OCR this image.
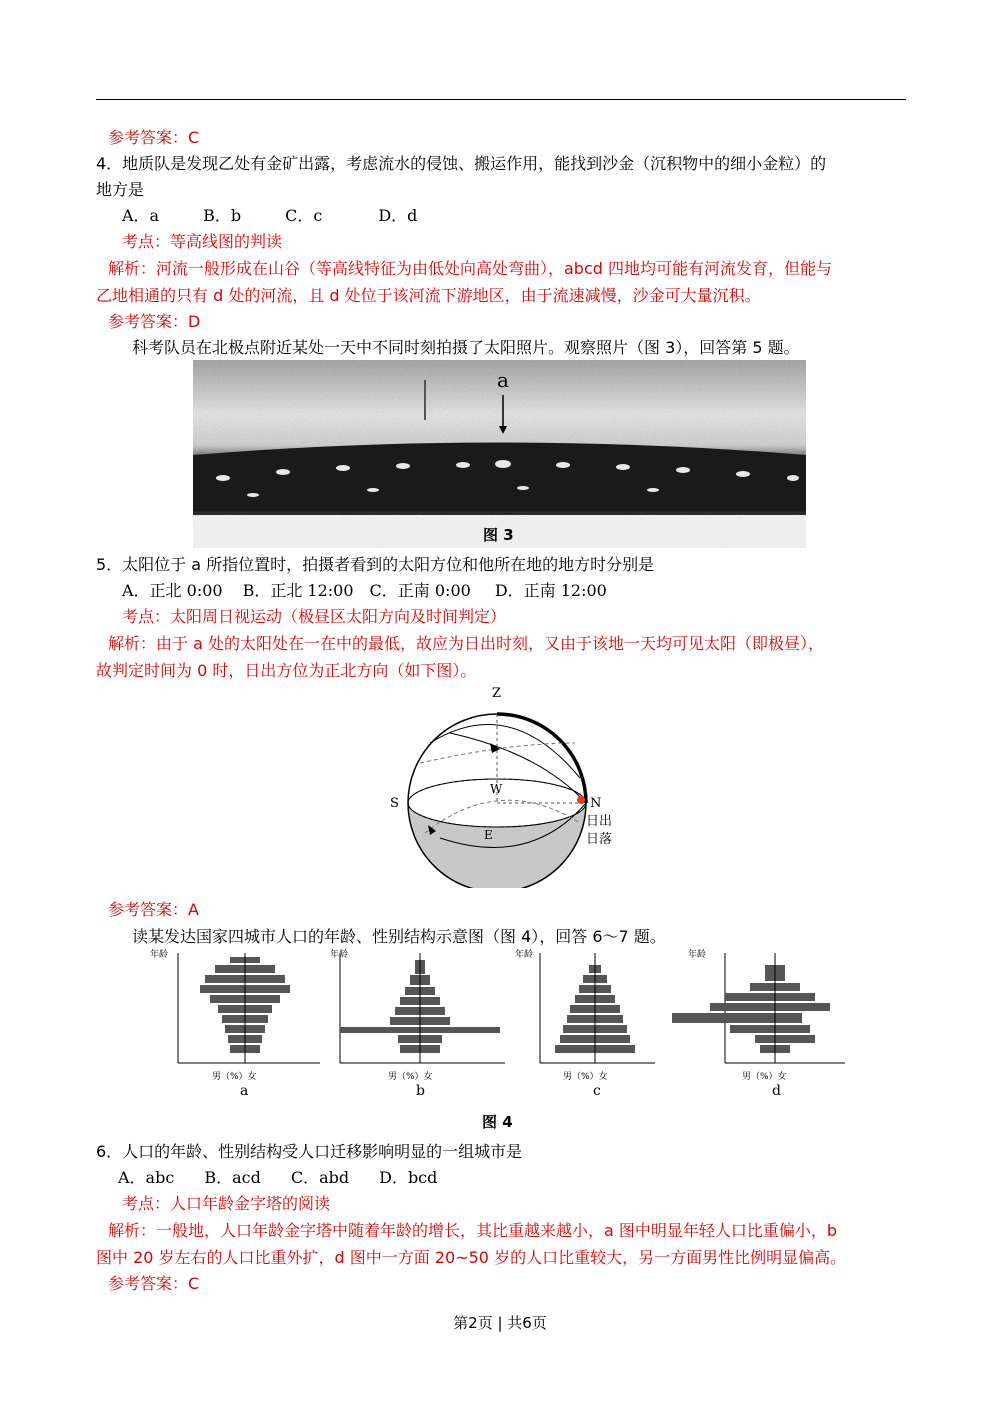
参考答案：C
4．地质队是发现乙处有金矿出露，考虑流水的侵蚀、搬运作用，能找到沙金（沉积物中的细小金粒）的
地方是
A．a	B．b	C．c	D．d
考点：等高线图的判读
解析：河流一般形成在山谷（等高线特征为由低处向高处弯曲），abcd 四地均可能有河流发育，但能与
乙地相通的只有 d 处的河流，且 d 处位于该河流下游地区，由于流速减慢，沙金可大量沉积。
参考答案：D
科考队员在北极点附近某处一天中不同时刻拍摄了太阳照片。观察照片（图 3），回答第 5 题。
a
图 3
5．太阳位于 a 所指位置时，拍摄者看到的太阳方位和他所在地的地方时分别是
A．正北 0:00 B．正北 12:00 C．正南 0:00 D．正南 12:00
考点：太阳周日视运动（极昼区太阳方向及时间判定）
解析：由于 a 处的太阳处在一在中的最低，故应为日出时刻，又由于该地一天均可见太阳（即极昼），
故判定时间为 0 时，日出方位为正北方向（如下图）。
Z
S	N
W
E
日出
日落
参考答案：A
读某发达国家四城市人口的年龄、性别结构示意图（图 4），回答 6～7 题。
年龄
男（%）女
a
年龄
男（%）女
b
年龄
男（%）女
c
年龄
男（%）女
d
图 4
6．人口的年龄、性别结构受人口迁移影响明显的一组城市是
A．abc B．acd C．abd D．bcd
考点：人口年龄金字塔的阅读
解析：一般地，人口年龄金字塔中随着年龄的增长，其比重越来越小，a 图中明显年轻人口比重偏小，b
图中 20 岁左右的人口比重外扩，d 图中一方面 20~50 岁的人口比重较大，另一方面男性比例明显偏高。
参考答案：C
第2页 | 共6页
